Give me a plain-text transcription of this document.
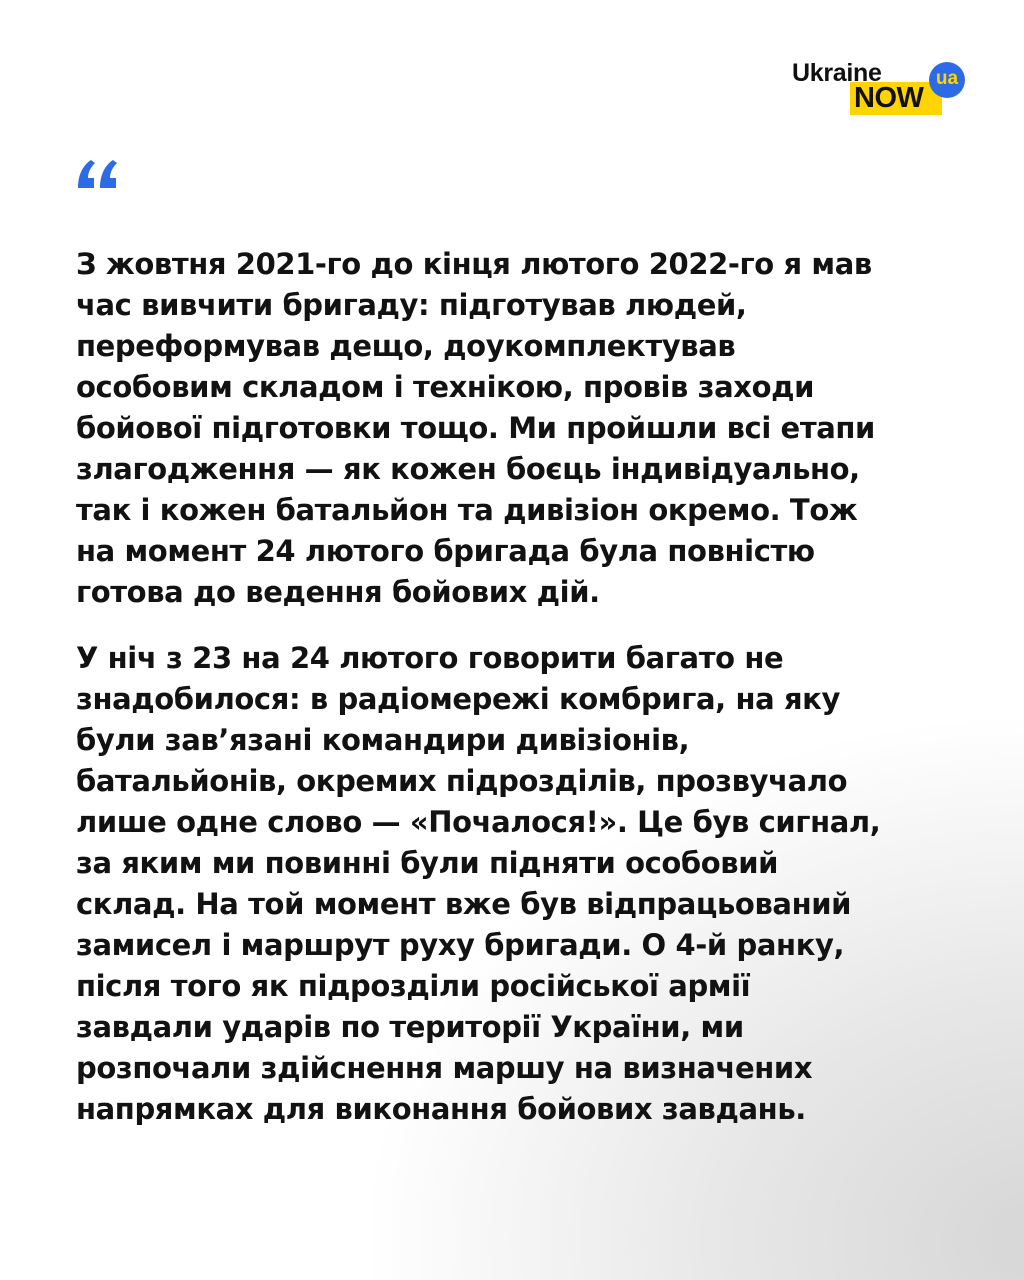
Ukraine
NOW
ua

З жовтня 2021-го до кінця лютого 2022-го я мав
час вивчити бригаду: підготував людей,
переформував дещо, доукомплектував
особовим складом і технікою, провів заходи
бойової підготовки тощо. Ми пройшли всі етапи
злагодження — як кожен боєць індивідуально,
так і кожен батальйон та дивізіон окремо. Тож
на момент 24 лютого бригада була повністю
готова до ведення бойових дій.

У ніч з 23 на 24 лютого говорити багато не
знадобилося: в радіомережі комбрига, на яку
були зав’язані командири дивізіонів,
батальйонів, окремих підрозділів, прозвучало
лише одне слово — «Почалося!». Це був сигнал,
за яким ми повинні були підняти особовий
склад. На той момент вже був відпрацьований
замисел і маршрут руху бригади. О 4-й ранку,
після того як підрозділи російської армії
завдали ударів по території України, ми
розпочали здійснення маршу на визначених
напрямках для виконання бойових завдань.
